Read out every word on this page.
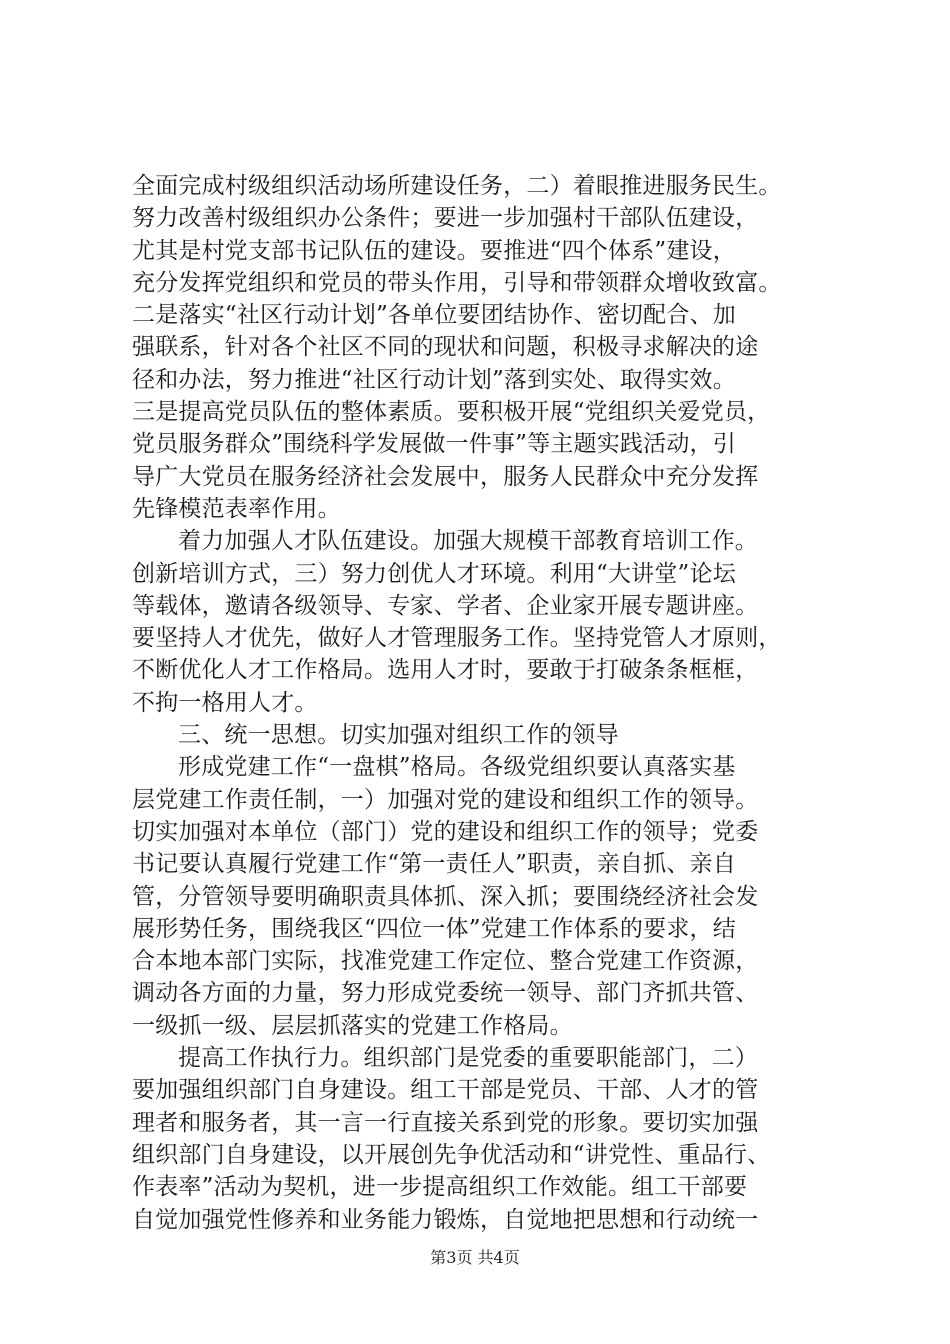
全面完成村级组织活动场所建设任务，二）着眼推进服务民生。
努力改善村级组织办公条件；要进一步加强村干部队伍建设，
尤其是村党支部书记队伍的建设。要推进“四个体系”建设，
充分发挥党组织和党员的带头作用，引导和带领群众增收致富。
二是落实“社区行动计划”各单位要团结协作、密切配合、加
强联系，针对各个社区不同的现状和问题，积极寻求解决的途
径和办法，努力推进“社区行动计划”落到实处、取得实效。
三是提高党员队伍的整体素质。要积极开展“党组织关爱党员，
党员服务群众”围绕科学发展做一件事”等主题实践活动，引
导广大党员在服务经济社会发展中，服务人民群众中充分发挥
先锋模范表率作用。
着力加强人才队伍建设。加强大规模干部教育培训工作。
创新培训方式，三）努力创优人才环境。利用“大讲堂”论坛
等载体，邀请各级领导、专家、学者、企业家开展专题讲座。
要坚持人才优先，做好人才管理服务工作。坚持党管人才原则，
不断优化人才工作格局。选用人才时，要敢于打破条条框框，
不拘一格用人才。
三、统一思想。切实加强对组织工作的领导
形成党建工作“一盘棋”格局。各级党组织要认真落实基
层党建工作责任制，一）加强对党的建设和组织工作的领导。
切实加强对本单位（部门）党的建设和组织工作的领导；党委
书记要认真履行党建工作“第一责任人”职责，亲自抓、亲自
管，分管领导要明确职责具体抓、深入抓；要围绕经济社会发
展形势任务，围绕我区“四位一体”党建工作体系的要求，结
合本地本部门实际，找准党建工作定位、整合党建工作资源，
调动各方面的力量，努力形成党委统一领导、部门齐抓共管、
一级抓一级、层层抓落实的党建工作格局。
提高工作执行力。组织部门是党委的重要职能部门，二）
要加强组织部门自身建设。组工干部是党员、干部、人才的管
理者和服务者，其一言一行直接关系到党的形象。要切实加强
组织部门自身建设，以开展创先争优活动和“讲党性、重品行、
作表率”活动为契机，进一步提高组织工作效能。组工干部要
自觉加强党性修养和业务能力锻炼，自觉地把思想和行动统一
第3页 共4页
